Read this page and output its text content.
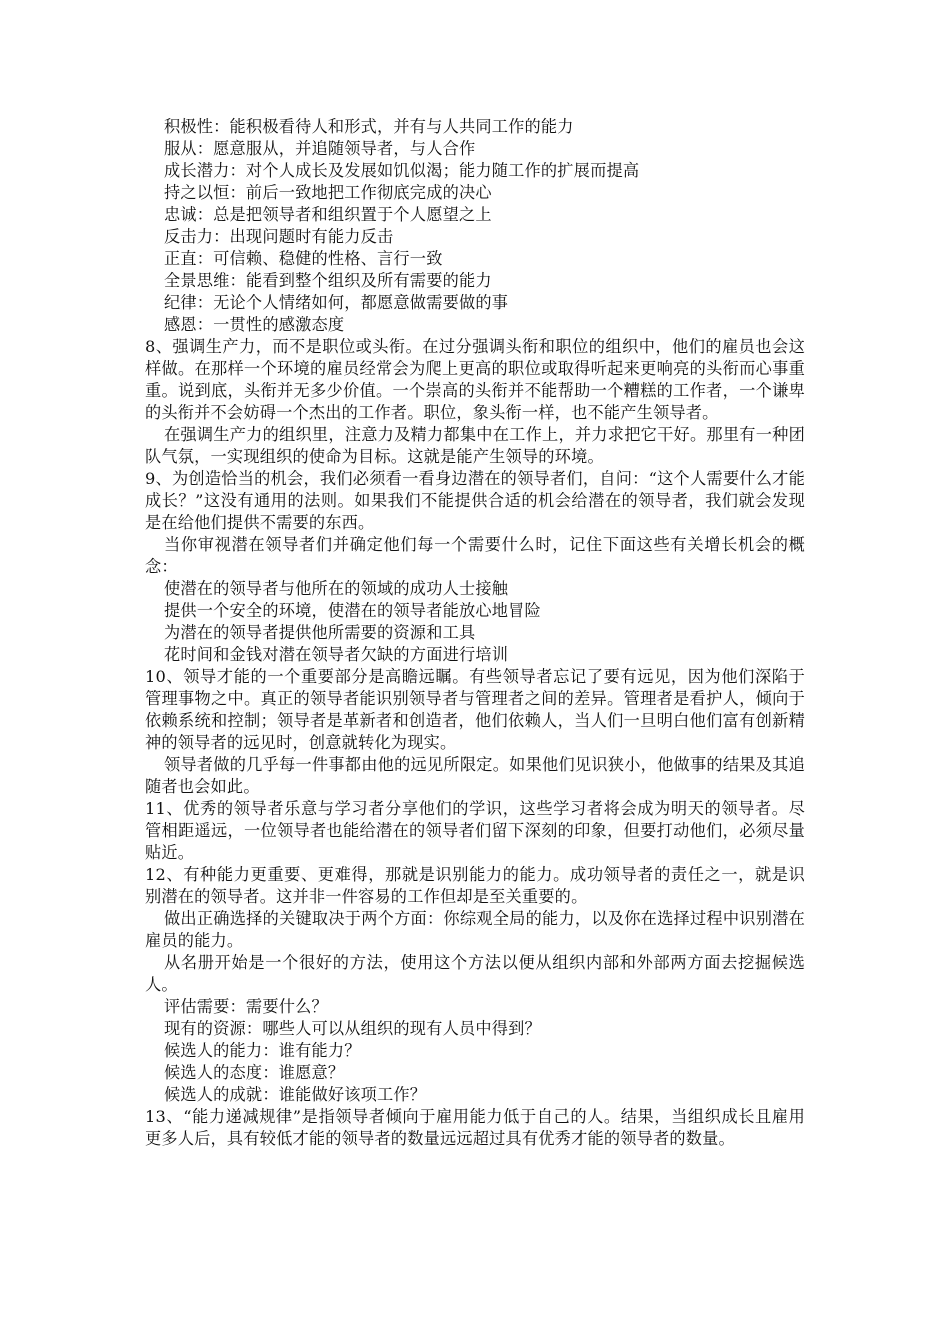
积极性：能积极看待人和形式，并有与人共同工作的能力

服从：愿意服从，并追随领导者，与人合作

成长潜力：对个人成长及发展如饥似渴；能力随工作的扩展而提高

持之以恒：前后一致地把工作彻底完成的决心

忠诚：总是把领导者和组织置于个人愿望之上

反击力：出现问题时有能力反击

正直：可信赖、稳健的性格、言行一致

全景思维：能看到整个组织及所有需要的能力

纪律：无论个人情绪如何，都愿意做需要做的事

感恩：一贯性的感激态度

8、强调生产力，而不是职位或头衔。在过分强调头衔和职位的组织中，他们的雇员也会这样做。在那样一个环境的雇员经常会为爬上更高的职位或取得听起来更响亮的头衔而心事重重。说到底，头衔并无多少价值。一个崇高的头衔并不能帮助一个糟糕的工作者，一个谦卑的头衔并不会妨碍一个杰出的工作者。职位，象头衔一样，也不能产生领导者。

在强调生产力的组织里，注意力及精力都集中在工作上，并力求把它干好。那里有一种团队气氛，一实现组织的使命为目标。这就是能产生领导的环境。

9、为创造恰当的机会，我们必须看一看身边潜在的领导者们，自问：“这个人需要什么才能成长？”这没有通用的法则。如果我们不能提供合适的机会给潜在的领导者，我们就会发现是在给他们提供不需要的东西。

当你审视潜在领导者们并确定他们每一个需要什么时，记住下面这些有关增长机会的概念：

使潜在的领导者与他所在的领域的成功人士接触

提供一个安全的环境，使潜在的领导者能放心地冒险

为潜在的领导者提供他所需要的资源和工具

花时间和金钱对潜在领导者欠缺的方面进行培训

10、领导才能的一个重要部分是高瞻远瞩。有些领导者忘记了要有远见，因为他们深陷于管理事物之中。真正的领导者能识别领导者与管理者之间的差异。管理者是看护人，倾向于依赖系统和控制；领导者是革新者和创造者，他们依赖人，当人们一旦明白他们富有创新精神的领导者的远见时，创意就转化为现实。

领导者做的几乎每一件事都由他的远见所限定。如果他们见识狭小，他做事的结果及其追随者也会如此。

11、优秀的领导者乐意与学习者分享他们的学识，这些学习者将会成为明天的领导者。尽管相距遥远，一位领导者也能给潜在的领导者们留下深刻的印象，但要打动他们，必须尽量贴近。

12、有种能力更重要、更难得，那就是识别能力的能力。成功领导者的责任之一，就是识别潜在的领导者。这并非一件容易的工作但却是至关重要的。

做出正确选择的关键取决于两个方面：你综观全局的能力，以及你在选择过程中识别潜在雇员的能力。

从名册开始是一个很好的方法，使用这个方法以便从组织内部和外部两方面去挖掘候选人。

评估需要：需要什么？

现有的资源：哪些人可以从组织的现有人员中得到？

候选人的能力：谁有能力？

候选人的态度：谁愿意？

候选人的成就：谁能做好该项工作？

13、“能力递减规律”是指领导者倾向于雇用能力低于自己的人。结果，当组织成长且雇用更多人后，具有较低才能的领导者的数量远远超过具有优秀才能的领导者的数量。
